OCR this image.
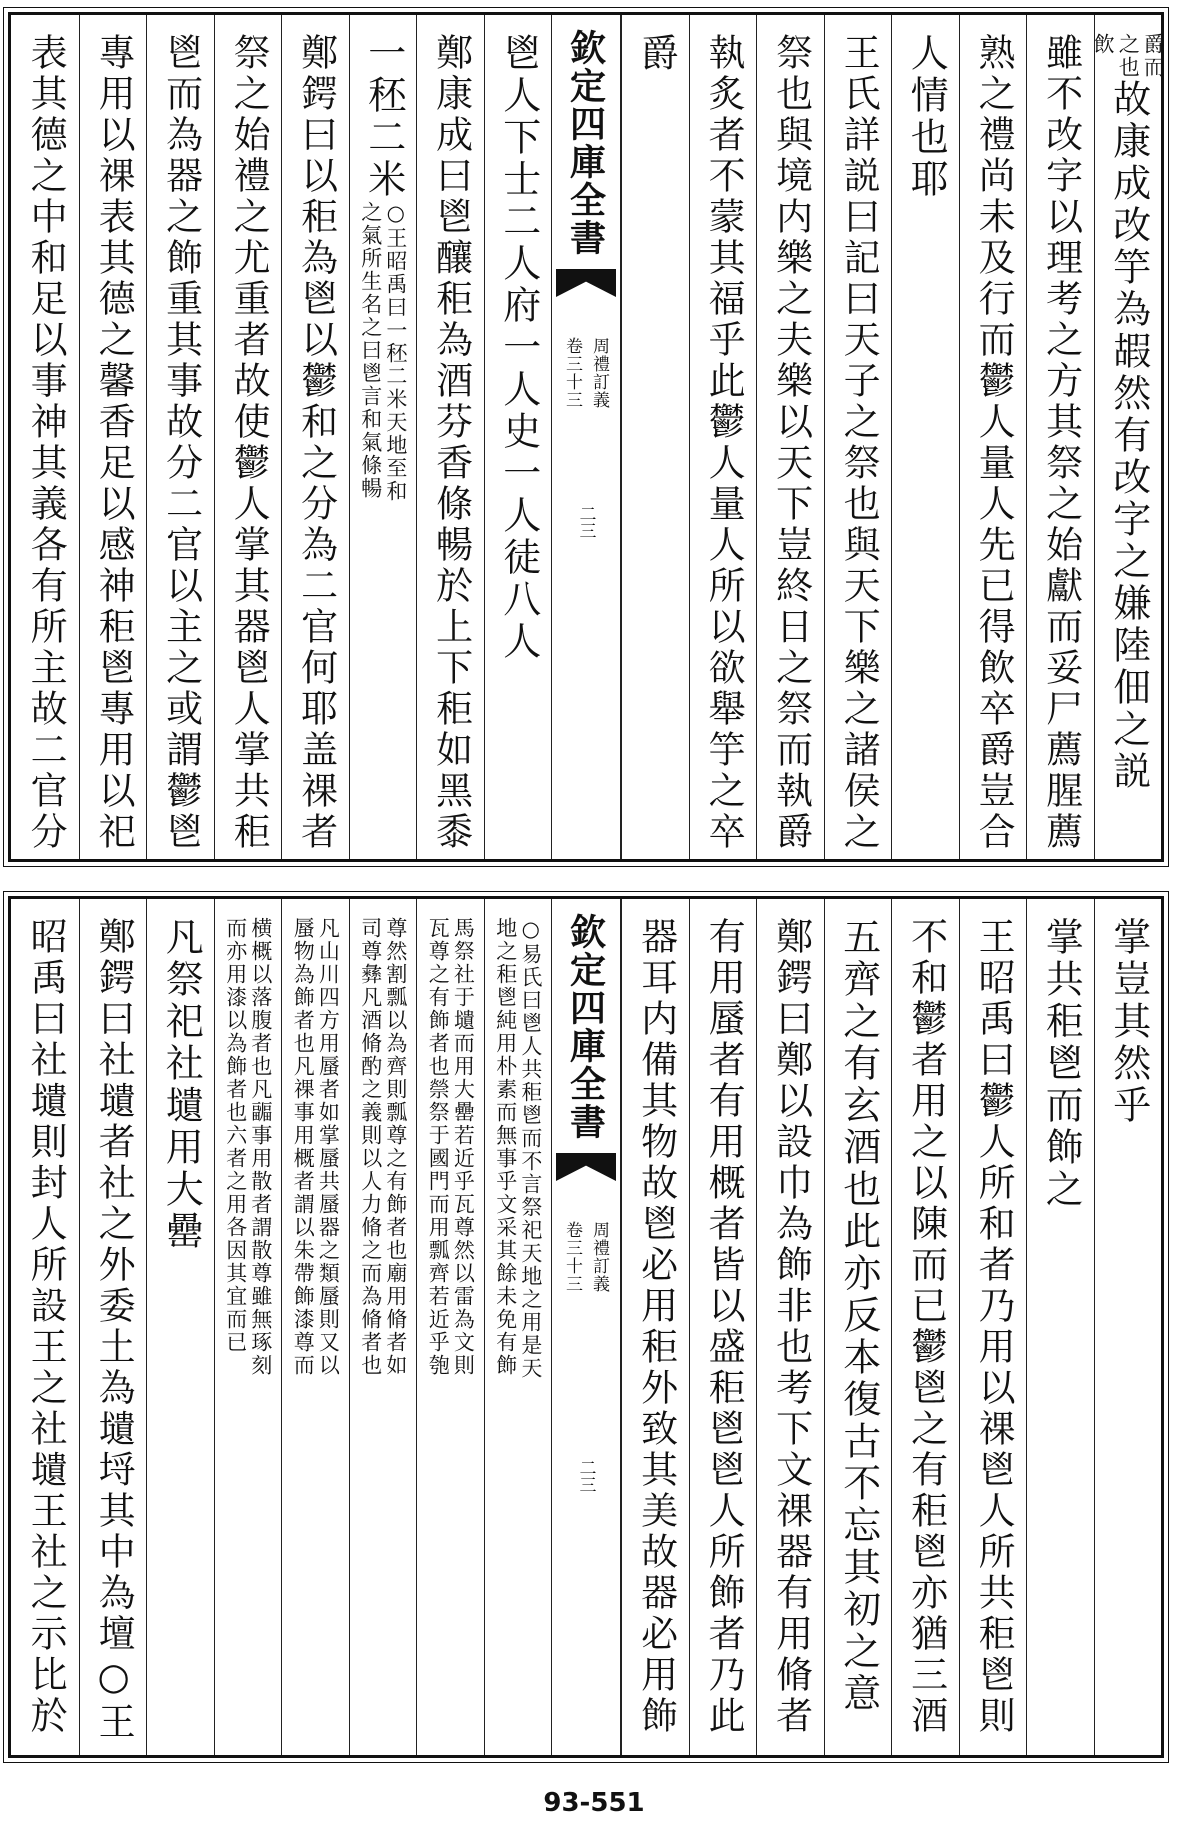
爵而
之也
飲
故康成改竽為嘏然有改字之嫌陸佃之説
雖不改字以理考之方其祭之始獻而妥尸薦腥薦
熟之禮尚未及行而鬱人量人先已得飲卒爵豈合
人情也耶
王氏詳説曰記曰天子之祭也與天下樂之諸侯之
祭也與境内樂之夫樂以天下豈終日之祭而執爵
執炙者不蒙其福乎此鬱人量人所以欲舉竽之卒
爵
欽定四庫全書
周禮訂義
卷三十三
二三
鬯人下士二人府一人史一人徒八人
鄭康成曰鬯釀秬為酒芬香條暢於上下秬如黑黍
一秠二米
○王昭禹曰一秠二米天地至和
之氣所生名之曰鬯言和氣條暢
鄭鍔曰以秬為鬯以鬱和之分為二官何耶盖祼者
祭之始禮之尤重者故使鬱人掌其器鬯人掌共秬
鬯而為器之飾重其事故分二官以主之或謂鬱鬯
專用以祼表其德之馨香足以感神秬鬯專用以祀
表其德之中和足以事神其義各有所主故二官分
掌豈其然乎
掌共秬鬯而飾之
王昭禹曰鬱人所和者乃用以祼鬯人所共秬鬯則
不和鬱者用之以陳而已鬱鬯之有秬鬯亦猶三酒
五齊之有玄酒也此亦反本復古不忘其初之意
鄭鍔曰鄭以設巾為飾非也考下文祼器有用脩者
有用蜃者有用概者皆以盛秬鬯鬯人所飾者乃此
器耳内備其物故鬯必用秬外致其美故器必用飾
欽定四庫全書
周禮訂義
卷三十三
二三
○易氏曰鬯人共秬鬯而不言祭祀天地之用是天
地之秬鬯純用朴素而無事乎文采其餘未免有飾
馬祭社于壝而用大罍若近乎瓦尊然以雷為文則
瓦尊之有飾者也禜祭于國門而用瓢齊若近乎匏
尊然割瓢以為齊則瓢尊之有飾者也廟用脩者如
司尊彝凡酒脩酌之義則以人力脩之而為脩者也
凡山川四方用蜃者如掌蜃共蜃器之類蜃則又以
蜃物為飾者也凡祼事用概者謂以朱帶飾漆尊而
横概以落腹者也凡疈事用散者謂散尊雖無琢刻
而亦用漆以為飾者也六者之用各因其宜而已
凡祭祀社壝用大罍
鄭鍔曰社壝者社之外委土為壝埒其中為壇○王
昭禹曰社壝則封人所設王之社壝王社之示比於
93-551
